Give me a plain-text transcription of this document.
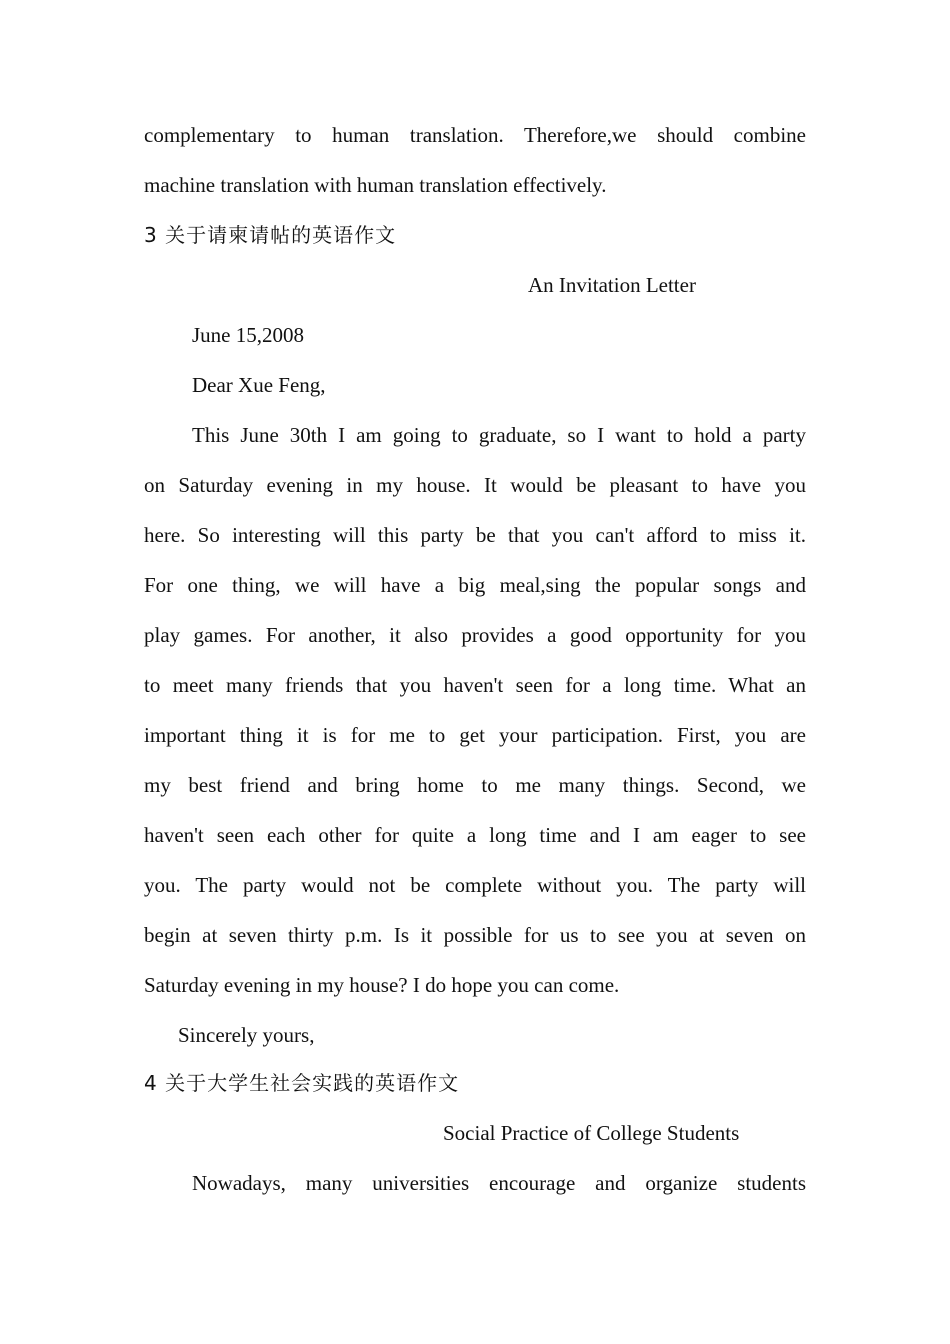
complementary to human translation. Therefore,we should combine
machine translation with human translation effectively.
3 关于请柬请帖的英语作文
An Invitation Letter
June 15,2008
Dear Xue Feng,
This June 30th I am going to graduate, so I want to hold a party
on Saturday evening in my house. It would be pleasant to have you
here. So interesting will this party be that you can't afford to miss it.
For one thing, we will have a big meal,sing the popular songs and
play games. For another, it also provides a good opportunity for you
to meet many friends that you haven't seen for a long time. What an
important thing it is for me to get your participation. First, you are
my best friend and bring home to me many things. Second, we
haven't seen each other for quite a long time and I am eager to see
you. The party would not be complete without you. The party will
begin at seven thirty p.m. Is it possible for us to see you at seven on
Saturday evening in my house? I do hope you can come.
Sincerely yours,
4 关于大学生社会实践的英语作文
Social Practice of College Students
Nowadays, many universities encourage and organize students
